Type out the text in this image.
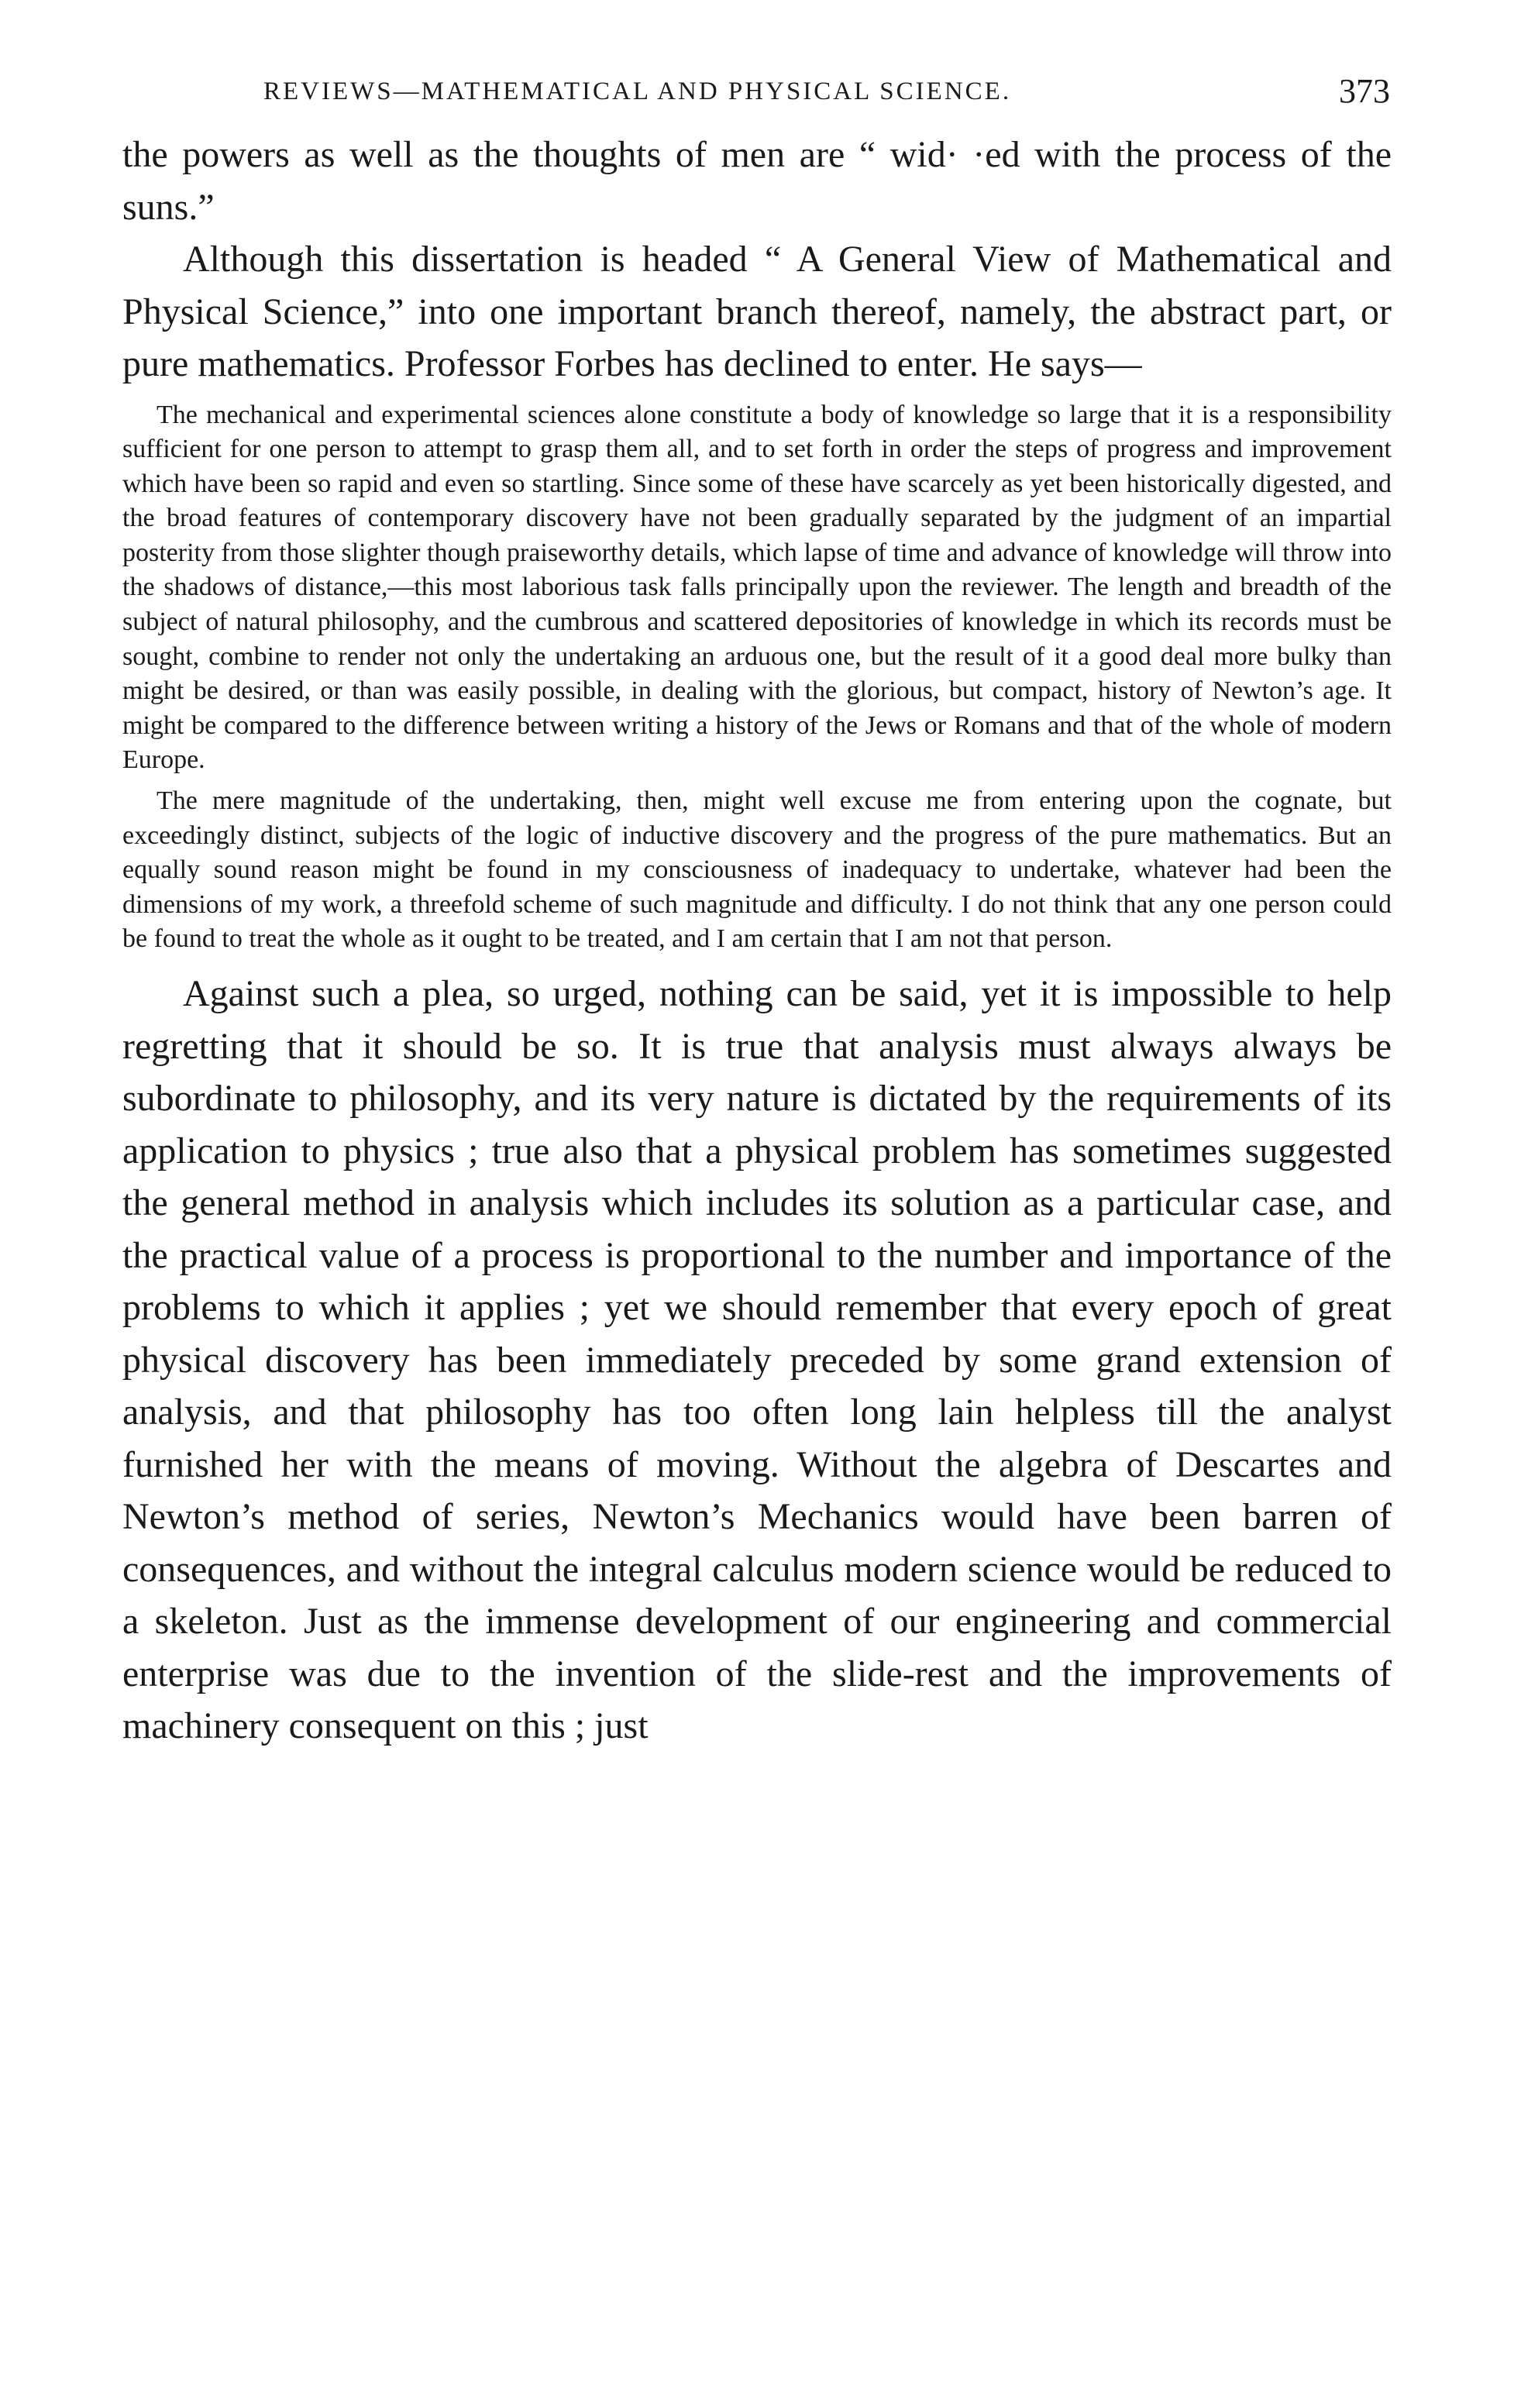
REVIEWS—MATHEMATICAL AND PHYSICAL SCIENCE.	373

the powers as well as the thoughts of men are “ wid· ·ed with the process of the suns.”

Although this dissertation is headed “ A General View of Mathematical and Physical Science,” into one important branch thereof, namely, the abstract part, or pure mathematics. Professor Forbes has declined to enter. He says—

The mechanical and experimental sciences alone constitute a body of knowledge so large that it is a responsibility sufficient for one person to attempt to grasp them all, and to set forth in order the steps of progress and improvement which have been so rapid and even so startling. Since some of these have scarcely as yet been historically digested, and the broad features of contemporary discovery have not been gradually separated by the judgment of an impartial posterity from those slighter though praiseworthy details, which lapse of time and advance of knowledge will throw into the shadows of distance,—this most laborious task falls principally upon the reviewer. The length and breadth of the subject of natural philosophy, and the cumbrous and scattered depositories of knowledge in which its records must be sought, combine to render not only the undertaking an arduous one, but the result of it a good deal more bulky than might be desired, or than was easily possible, in dealing with the glorious, but compact, history of Newton’s age. It might be compared to the difference between writing a history of the Jews or Romans and that of the whole of modern Europe.

The mere magnitude of the undertaking, then, might well excuse me from entering upon the cognate, but exceedingly distinct, subjects of the logic of inductive discovery and the progress of the pure mathematics. But an equally sound reason might be found in my consciousness of inadequacy to undertake, whatever had been the dimensions of my work, a threefold scheme of such magnitude and difficulty. I do not think that any one person could be found to treat the whole as it ought to be treated, and I am certain that I am not that person.

Against such a plea, so urged, nothing can be said, yet it is impossible to help regretting that it should be so. It is true that analysis must always always be subordinate to philosophy, and its very nature is dictated by the requirements of its application to physics ; true also that a physical problem has sometimes suggested the general method in analysis which includes its solution as a particular case, and the practical value of a process is proportional to the number and importance of the problems to which it applies ; yet we should remember that every epoch of great physical discovery has been immediately preceded by some grand extension of analysis, and that philosophy has too often long lain helpless till the analyst furnished her with the means of moving. Without the algebra of Descartes and Newton’s method of series, Newton’s Mechanics would have been barren of consequences, and without the integral calculus modern science would be reduced to a skeleton. Just as the immense development of our engineering and commercial enterprise was due to the invention of the slide-rest and the improvements of machinery consequent on this ; just
